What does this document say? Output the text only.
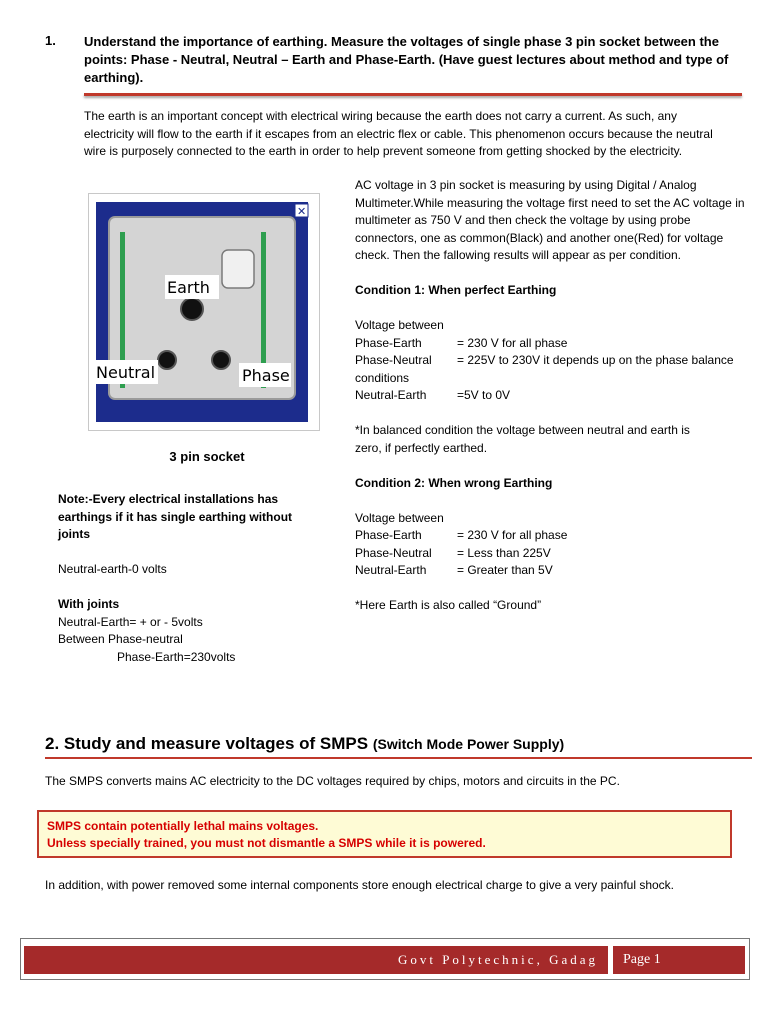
1. Understand the importance of earthing. Measure the voltages of single phase 3 pin socket between the points: Phase - Neutral, Neutral – Earth and Phase-Earth. (Have guest lectures about method and type of earthing).
The earth is an important concept with electrical wiring because the earth does not carry a current. As such, any electricity will flow to the earth if it escapes from an electric flex or cable. This phenomenon occurs because the neutral wire is purposely connected to the earth in order to help prevent someone from getting shocked by the electricity.
Earth
Neutral	Phase
✕
3 pin socket

Note:-Every electrical installations has earthings if it has single earthing without joints

Neutral-earth-0 volts

With joints

Neutral-Earth= + or - 5volts

Between Phase-neutral

Phase-Earth=230volts

AC voltage in 3 pin socket is measuring by using Digital / Analog Multimeter.While measuring the voltage first need to set the AC voltage in multimeter as 750 V and then check the voltage by using probe connectors, one as common(Black) and another one(Red) for voltage check. Then the fallowing results will appear as per condition.

Condition 1: When perfect Earthing

Voltage between

Phase-Earth	= 230 V for all phase
Phase-Neutral	= 225V to 230V it depends up on the phase balance
conditions
Neutral-Earth	=5V to 0V

*In balanced condition the voltage between neutral and earth is zero, if perfectly earthed.

Condition 2: When wrong Earthing

Voltage between

Phase-Earth	= 230 V for all phase
Phase-Neutral	= Less than 225V
Neutral-Earth	= Greater than 5V

*Here Earth is also called “Ground”

2. Study and measure voltages of SMPS (Switch Mode Power Supply)
The SMPS converts mains AC electricity to the DC voltages required by chips, motors and circuits in the PC.
SMPS contain potentially lethal mains voltages.
Unless specially trained, you must not dismantle a SMPS while it is powered.
In addition, with power removed some internal components store enough electrical charge to give a very painful shock.
Govt Polytechnic, Gadag	Page 1
